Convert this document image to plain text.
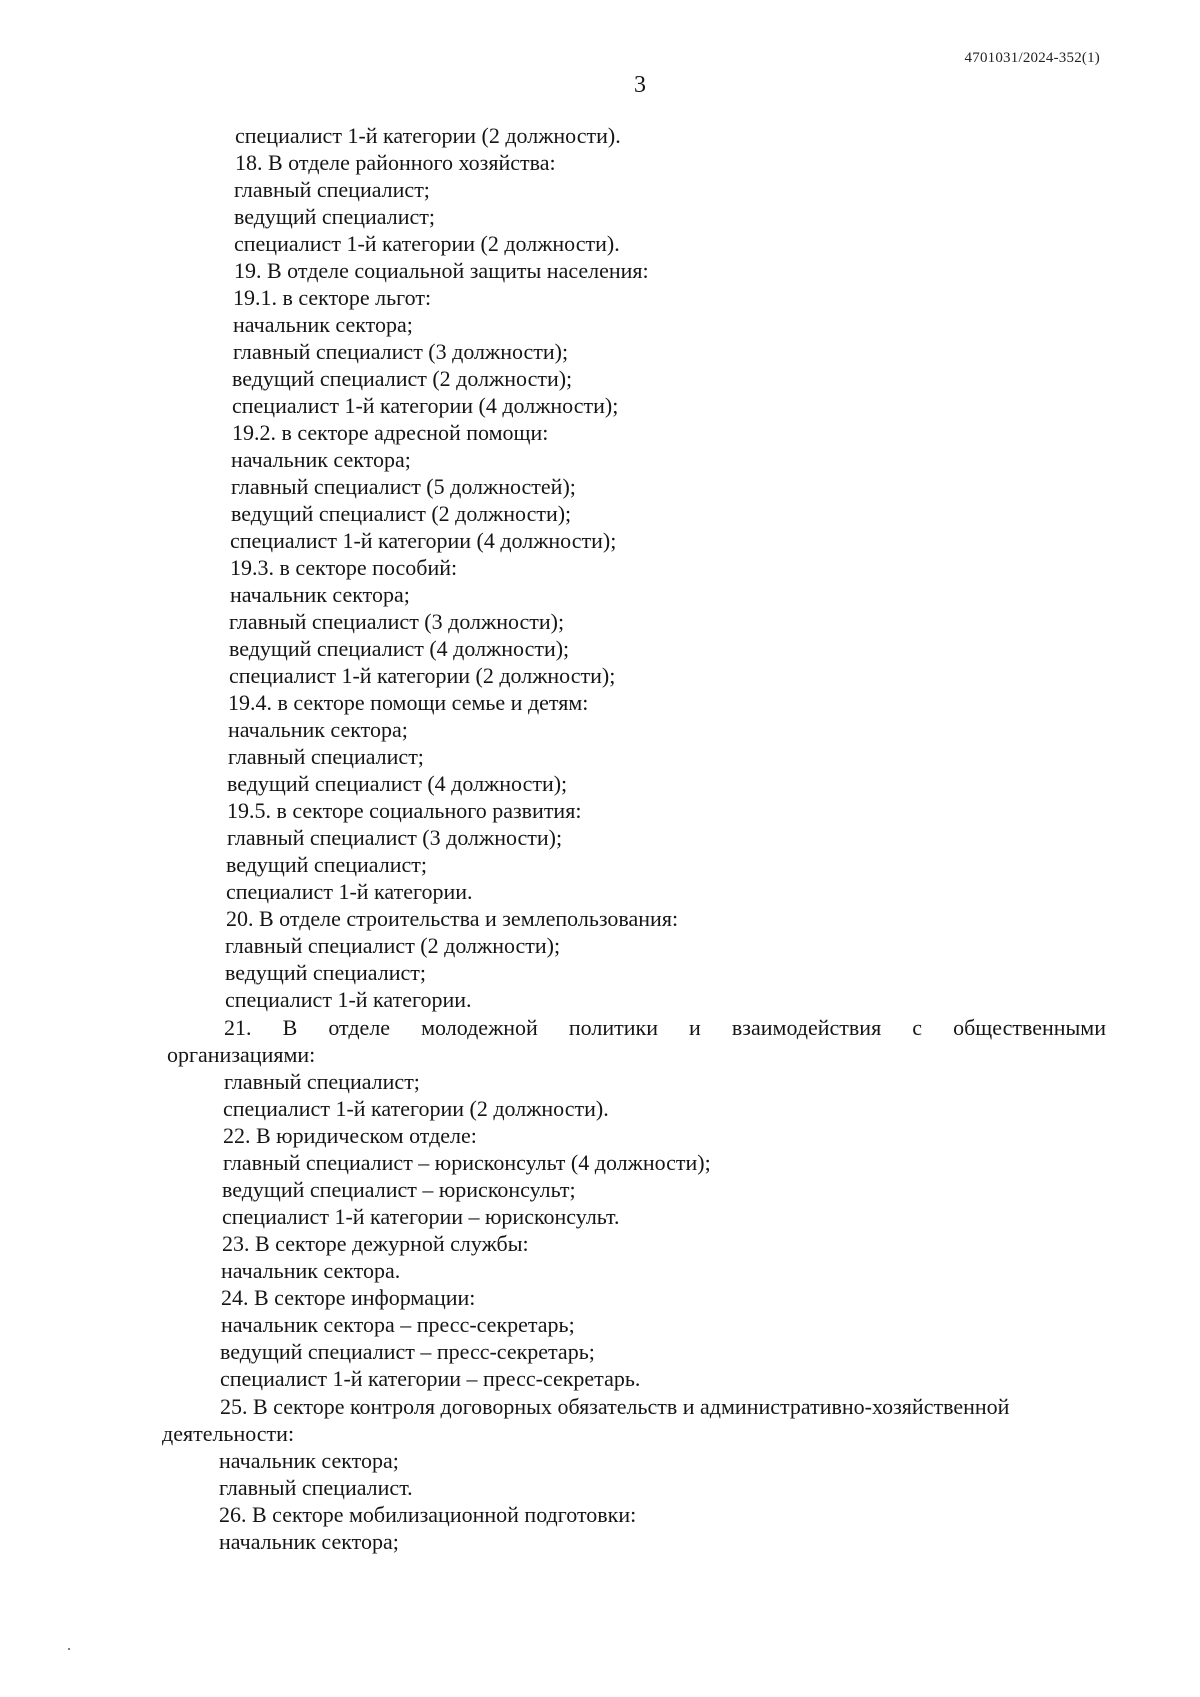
4701031/2024-352(1)
3
специалист 1-й категории (2 должности).
18. В отделе районного хозяйства:
главный специалист;
ведущий специалист;
специалист 1-й категории (2 должности).
19. В отделе социальной защиты населения:
19.1. в секторе льгот:
начальник сектора;
главный специалист (3 должности);
ведущий специалист (2 должности);
специалист 1-й категории (4 должности);
19.2. в секторе адресной помощи:
начальник сектора;
главный специалист (5 должностей);
ведущий специалист (2 должности);
специалист 1-й категории (4 должности);
19.3. в секторе пособий:
начальник сектора;
главный специалист (3 должности);
ведущий специалист (4 должности);
специалист 1-й категории (2 должности);
19.4. в секторе помощи семье и детям:
начальник сектора;
главный специалист;
ведущий специалист (4 должности);
19.5. в секторе социального развития:
главный специалист (3 должности);
ведущий специалист;
специалист 1-й категории.
20. В отделе строительства и землепользования:
главный специалист (2 должности);
ведущий специалист;
специалист 1-й категории.
21. В отделе молодежной политики и взаимодействия с общественными
организациями:
главный специалист;
специалист 1-й категории (2 должности).
22. В юридическом отделе:
главный специалист – юрисконсульт (4 должности);
ведущий специалист – юрисконсульт;
специалист 1-й категории – юрисконсульт.
23. В секторе дежурной службы:
начальник сектора.
24. В секторе информации:
начальник сектора – пресс-секретарь;
ведущий специалист – пресс-секретарь;
специалист 1-й категории – пресс-секретарь.
25. В секторе контроля договорных обязательств и административно-хозяйственной
деятельности:
начальник сектора;
главный специалист.
26. В секторе мобилизационной подготовки:
начальник сектора;
